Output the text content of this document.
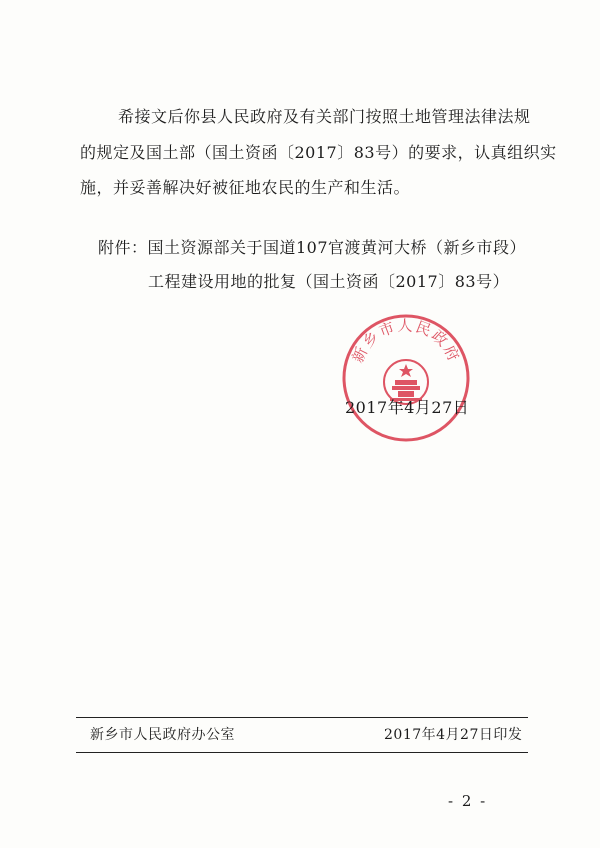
希接文后你县人民政府及有关部门按照土地管理法律法规
的规定及国土部（国土资函〔2017〕83号）的要求，认真组织实
施，并妥善解决好被征地农民的生产和生活。
附件：国土资源部关于国道107官渡黄河大桥（新乡市段）
工程建设用地的批复（国土资函〔2017〕83号）
新乡市人民政府
2017年4月27日
新乡市人民政府办公室	2017年4月27日印发
- 2 -
